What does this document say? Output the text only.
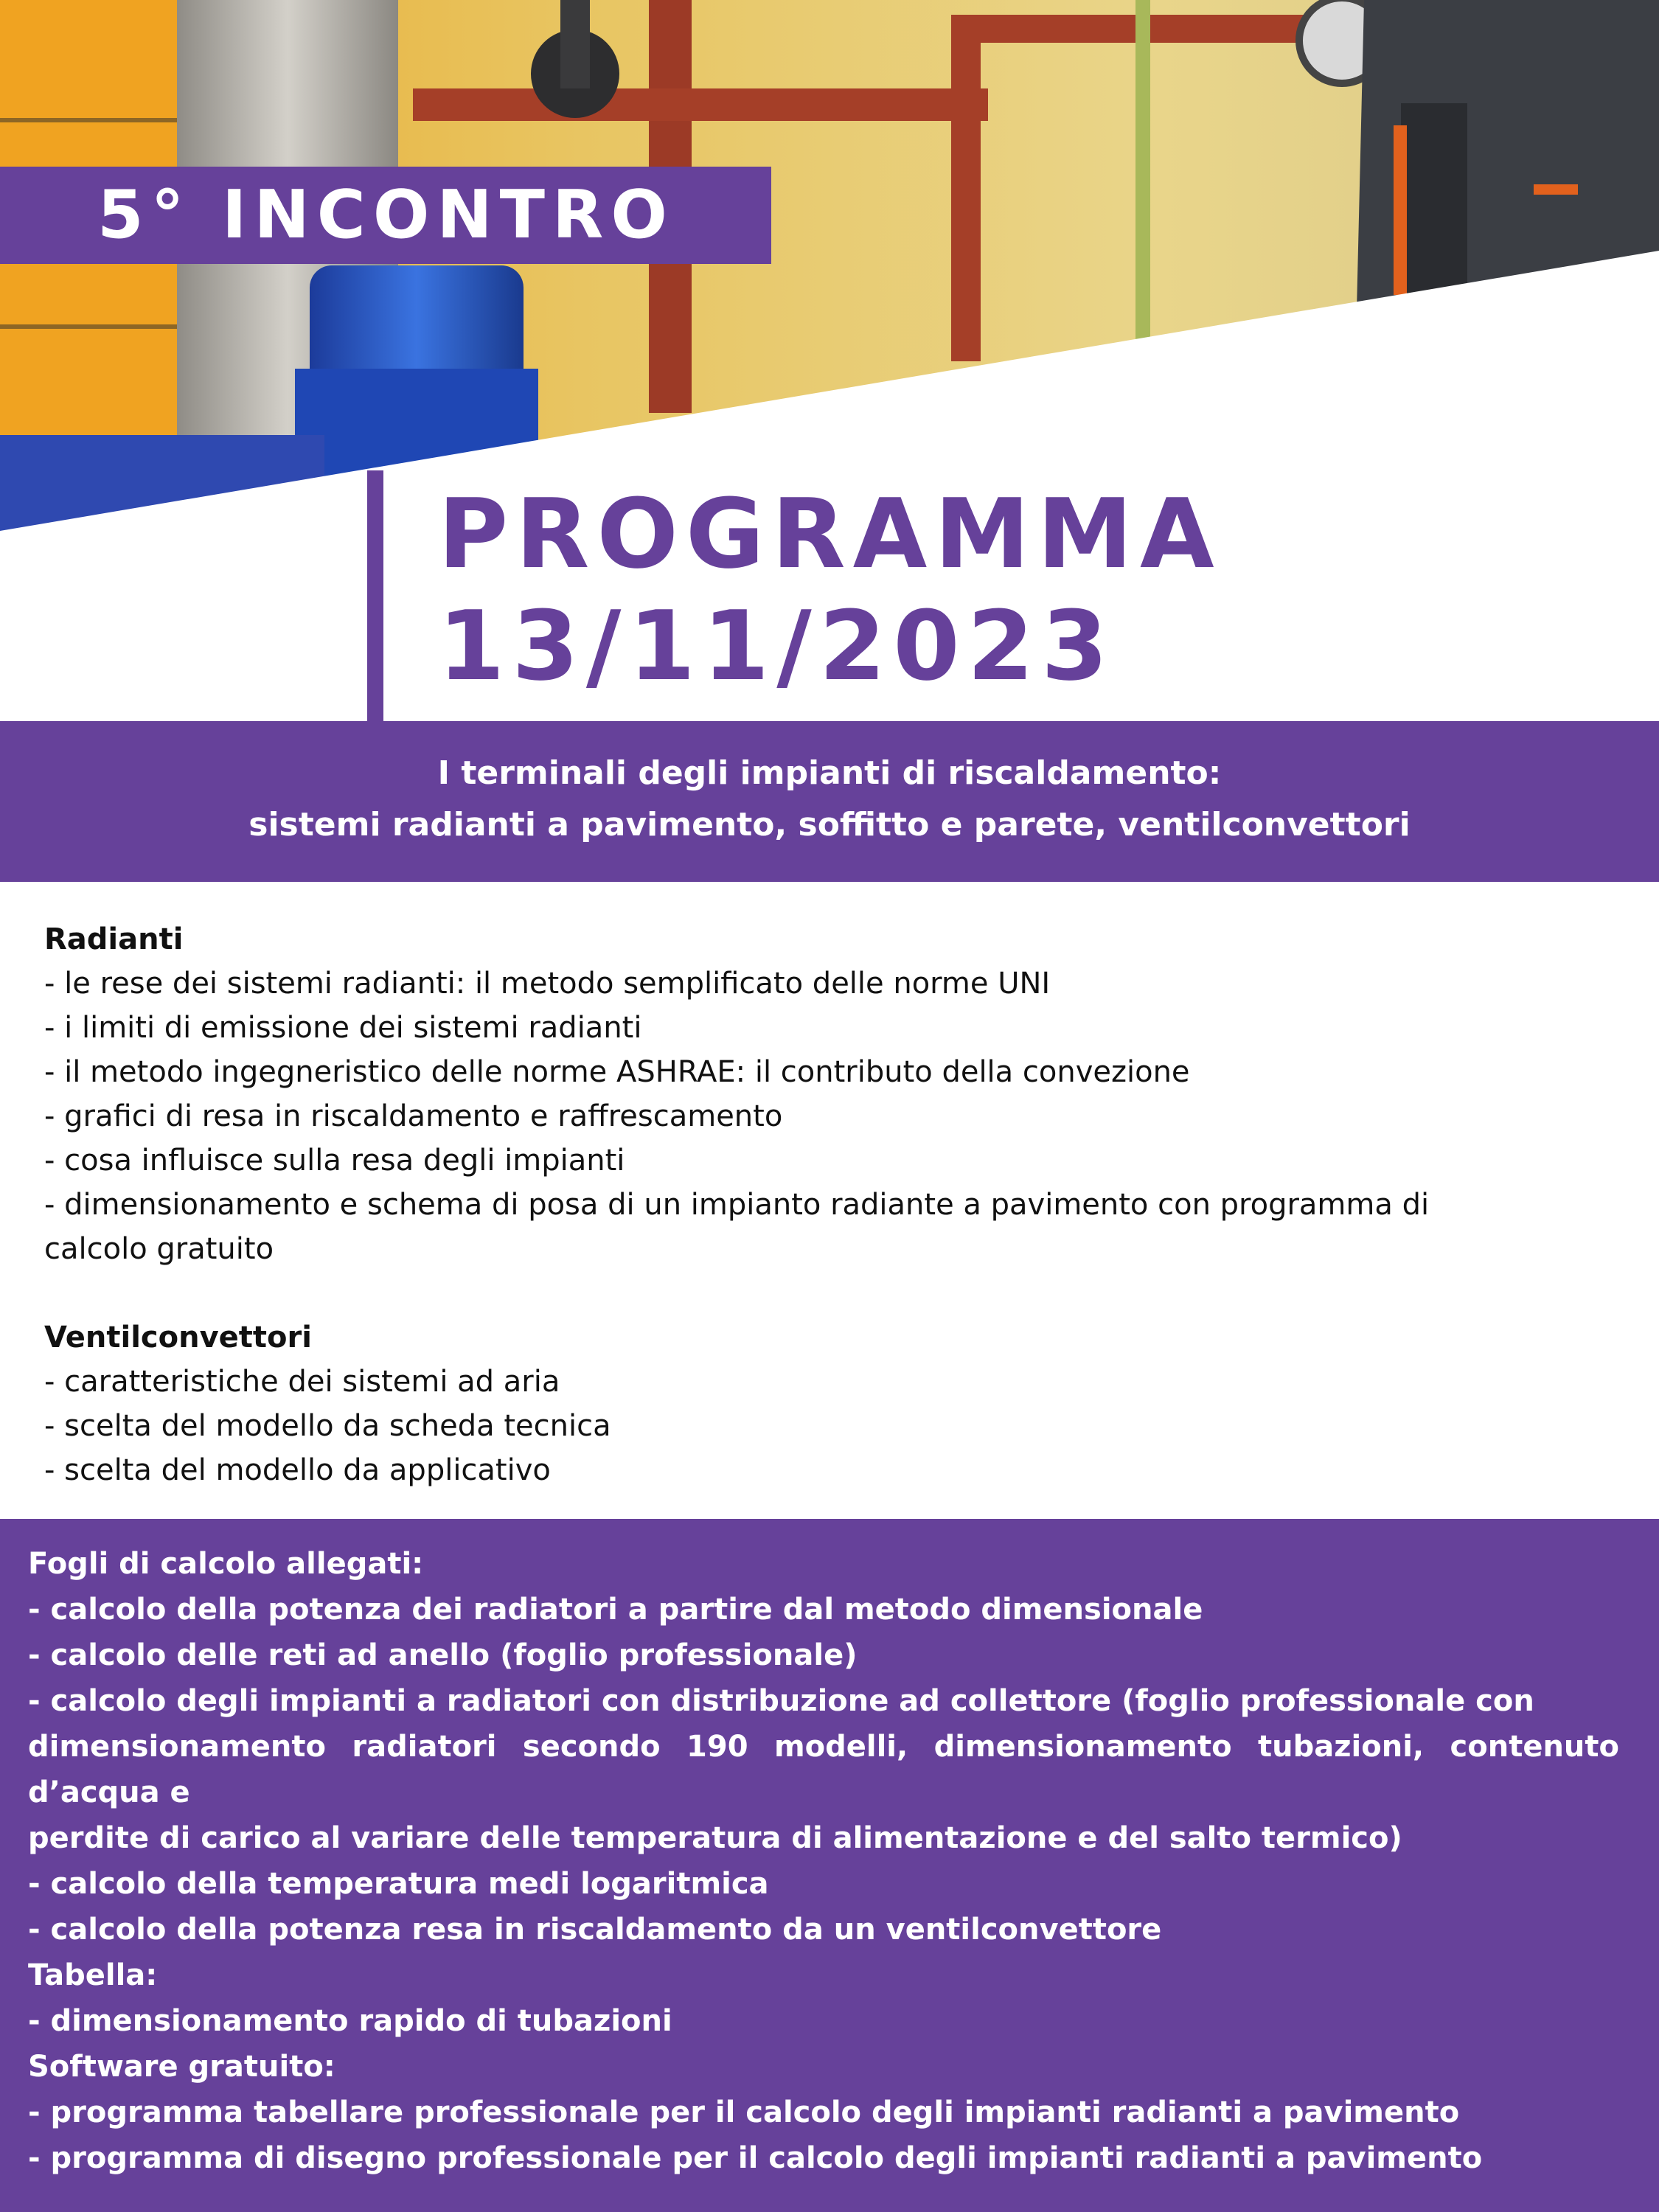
5° INCONTRO
PROGRAMMA
13/11/2023
I terminali degli impianti di riscaldamento:
sistemi radianti a pavimento, soffitto e parete, ventilconvettori
Radianti
- le rese dei sistemi radianti: il metodo semplificato delle norme UNI
- i limiti di emissione dei sistemi radianti
- il metodo ingegneristico delle norme ASHRAE: il contributo della convezione
- grafici di resa in riscaldamento e raffrescamento
- cosa influisce sulla resa degli impianti
- dimensionamento e schema di posa di un impianto radiante a pavimento con programma di
calcolo gratuito
Ventilconvettori
- caratteristiche dei sistemi ad aria
- scelta del modello da scheda tecnica
- scelta del modello da applicativo
Fogli di calcolo allegati:
- calcolo della potenza dei radiatori a partire dal metodo dimensionale
- calcolo delle reti ad anello (foglio professionale)
- calcolo degli impianti a radiatori con distribuzione ad collettore (foglio professionale con
dimensionamento radiatori secondo 190 modelli, dimensionamento tubazioni, contenuto
d’acqua e
perdite di carico al variare delle temperatura di alimentazione e del salto termico)
- calcolo della temperatura medi logaritmica
- calcolo della potenza resa in riscaldamento da un ventilconvettore
Tabella:
- dimensionamento rapido di tubazioni
Software gratuito:
- programma tabellare professionale per il calcolo degli impianti radianti a pavimento
- programma di disegno professionale per il calcolo degli impianti radianti a pavimento
